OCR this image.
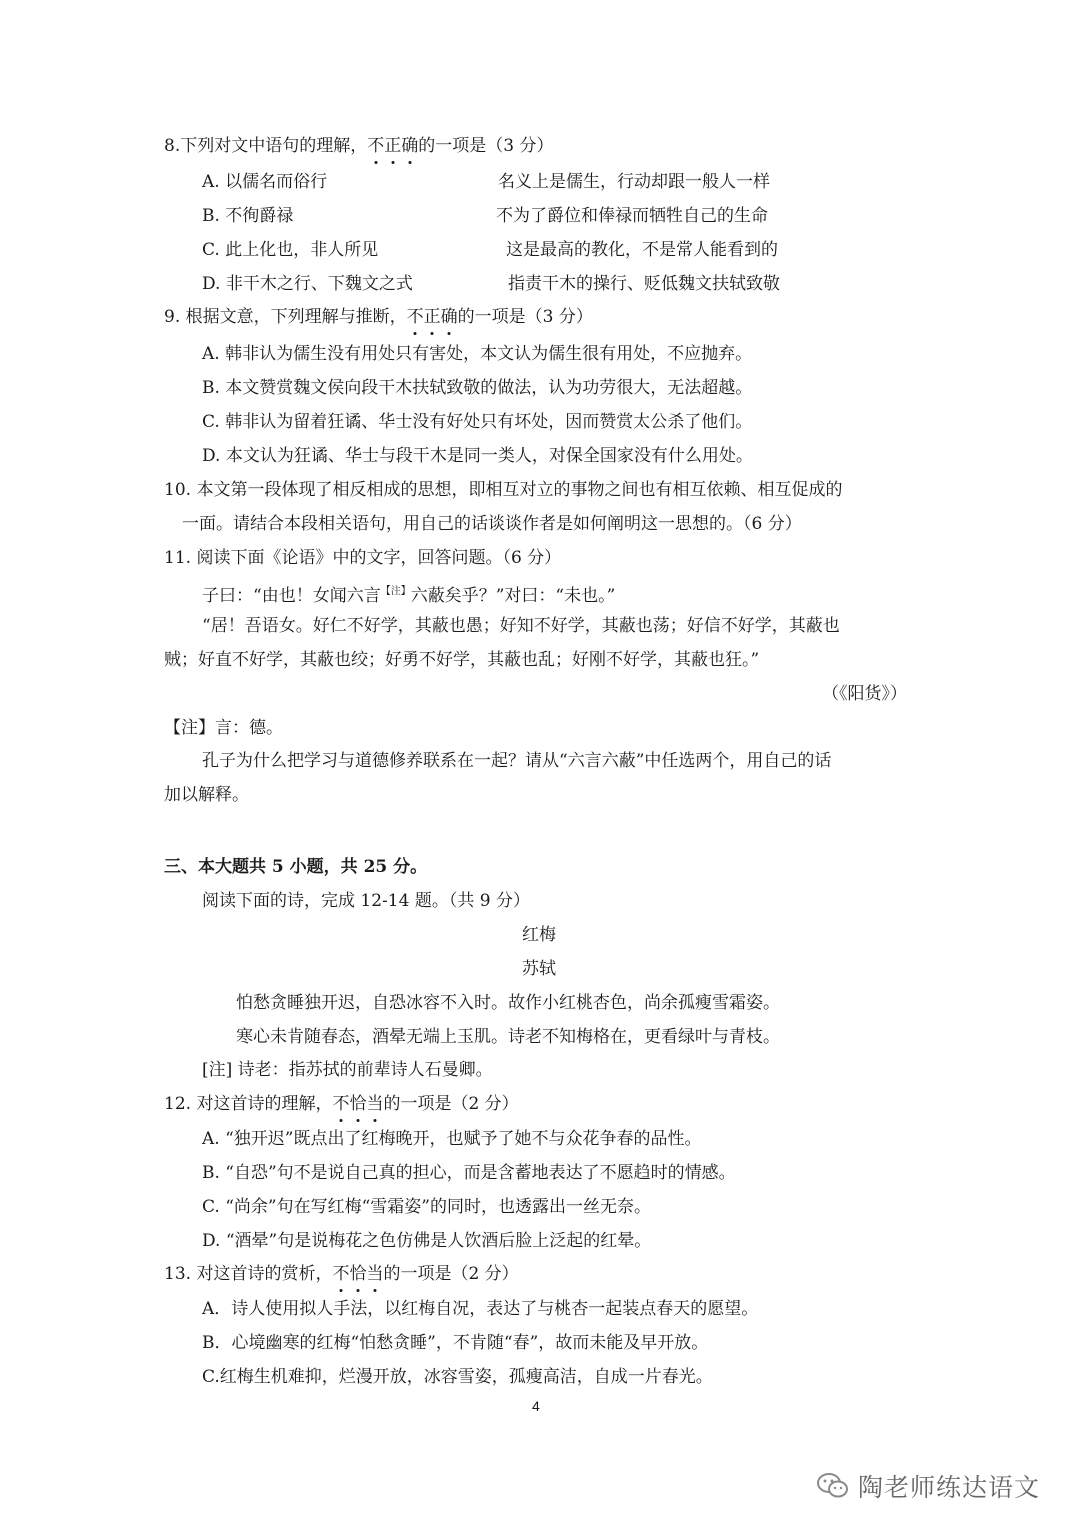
8.下列对文中语句的理解，不正确的一项是（3 分）
A. 以儒名而俗行	名义上是儒生，行动却跟一般人一样
B. 不徇爵禄	不为了爵位和俸禄而牺牲自己的生命
C. 此上化也，非人所见	这是最高的教化，不是常人能看到的
D. 非干木之行、下魏文之式	指责干木的操行、贬低魏文扶轼致敬
9. 根据文意，下列理解与推断，不正确的一项是（3 分）
A. 韩非认为儒生没有用处只有害处，本文认为儒生很有用处，不应抛弃。
B. 本文赞赏魏文侯向段干木扶轼致敬的做法，认为功劳很大，无法超越。
C. 韩非认为留着狂谲、华士没有好处只有坏处，因而赞赏太公杀了他们。
D. 本文认为狂谲、华士与段干木是同一类人，对保全国家没有什么用处。
10. 本文第一段体现了相反相成的思想，即相互对立的事物之间也有相互依赖、相互促成的
一面。请结合本段相关语句，用自己的话谈谈作者是如何阐明这一思想的。（6 分）
11. 阅读下面《论语》中的文字，回答问题。（6 分）
子曰：“由也！女闻六言$^{【注】}$六蔽矣乎？”对曰：“未也。”
“居！吾语女。好仁不好学，其蔽也愚；好知不好学，其蔽也荡；好信不好学，其蔽也
贼；好直不好学，其蔽也绞；好勇不好学，其蔽也乱；好刚不好学，其蔽也狂。”
（《阳货》）
【注】言：德。
孔子为什么把学习与道德修养联系在一起？请从“六言六蔽”中任选两个，用自己的话
加以解释。
三、本大题共 5 小题，共 25 分。
阅读下面的诗，完成 12-14 题。（共 9 分）
红梅
苏轼
怕愁贪睡独开迟，自恐冰容不入时。故作小红桃杏色，尚余孤瘦雪霜姿。
寒心未肯随春态，酒晕无端上玉肌。诗老不知梅格在，更看绿叶与青枝。
[注] 诗老：指苏拭的前辈诗人石曼卿。
12. 对这首诗的理解，不恰当的一项是（2 分）
A. “独开迟”既点出了红梅晚开，也赋予了她不与众花争春的品性。
B. “自恐”句不是说自己真的担心，而是含蓄地表达了不愿趋时的情感。
C. “尚余”句在写红梅“雪霜姿”的同时，也透露出一丝无奈。
D. “酒晕”句是说梅花之色仿佛是人饮酒后脸上泛起的红晕。
13. 对这首诗的赏析，不恰当的一项是（2 分）
A．诗人使用拟人手法，以红梅自况，表达了与桃杏一起装点春天的愿望。
B．心境幽寒的红梅“怕愁贪睡”，不肯随“春”，故而未能及早开放。
C.红梅生机难抑，烂漫开放，冰容雪姿，孤瘦高洁，自成一片春光。
4
陶老师练达语文
